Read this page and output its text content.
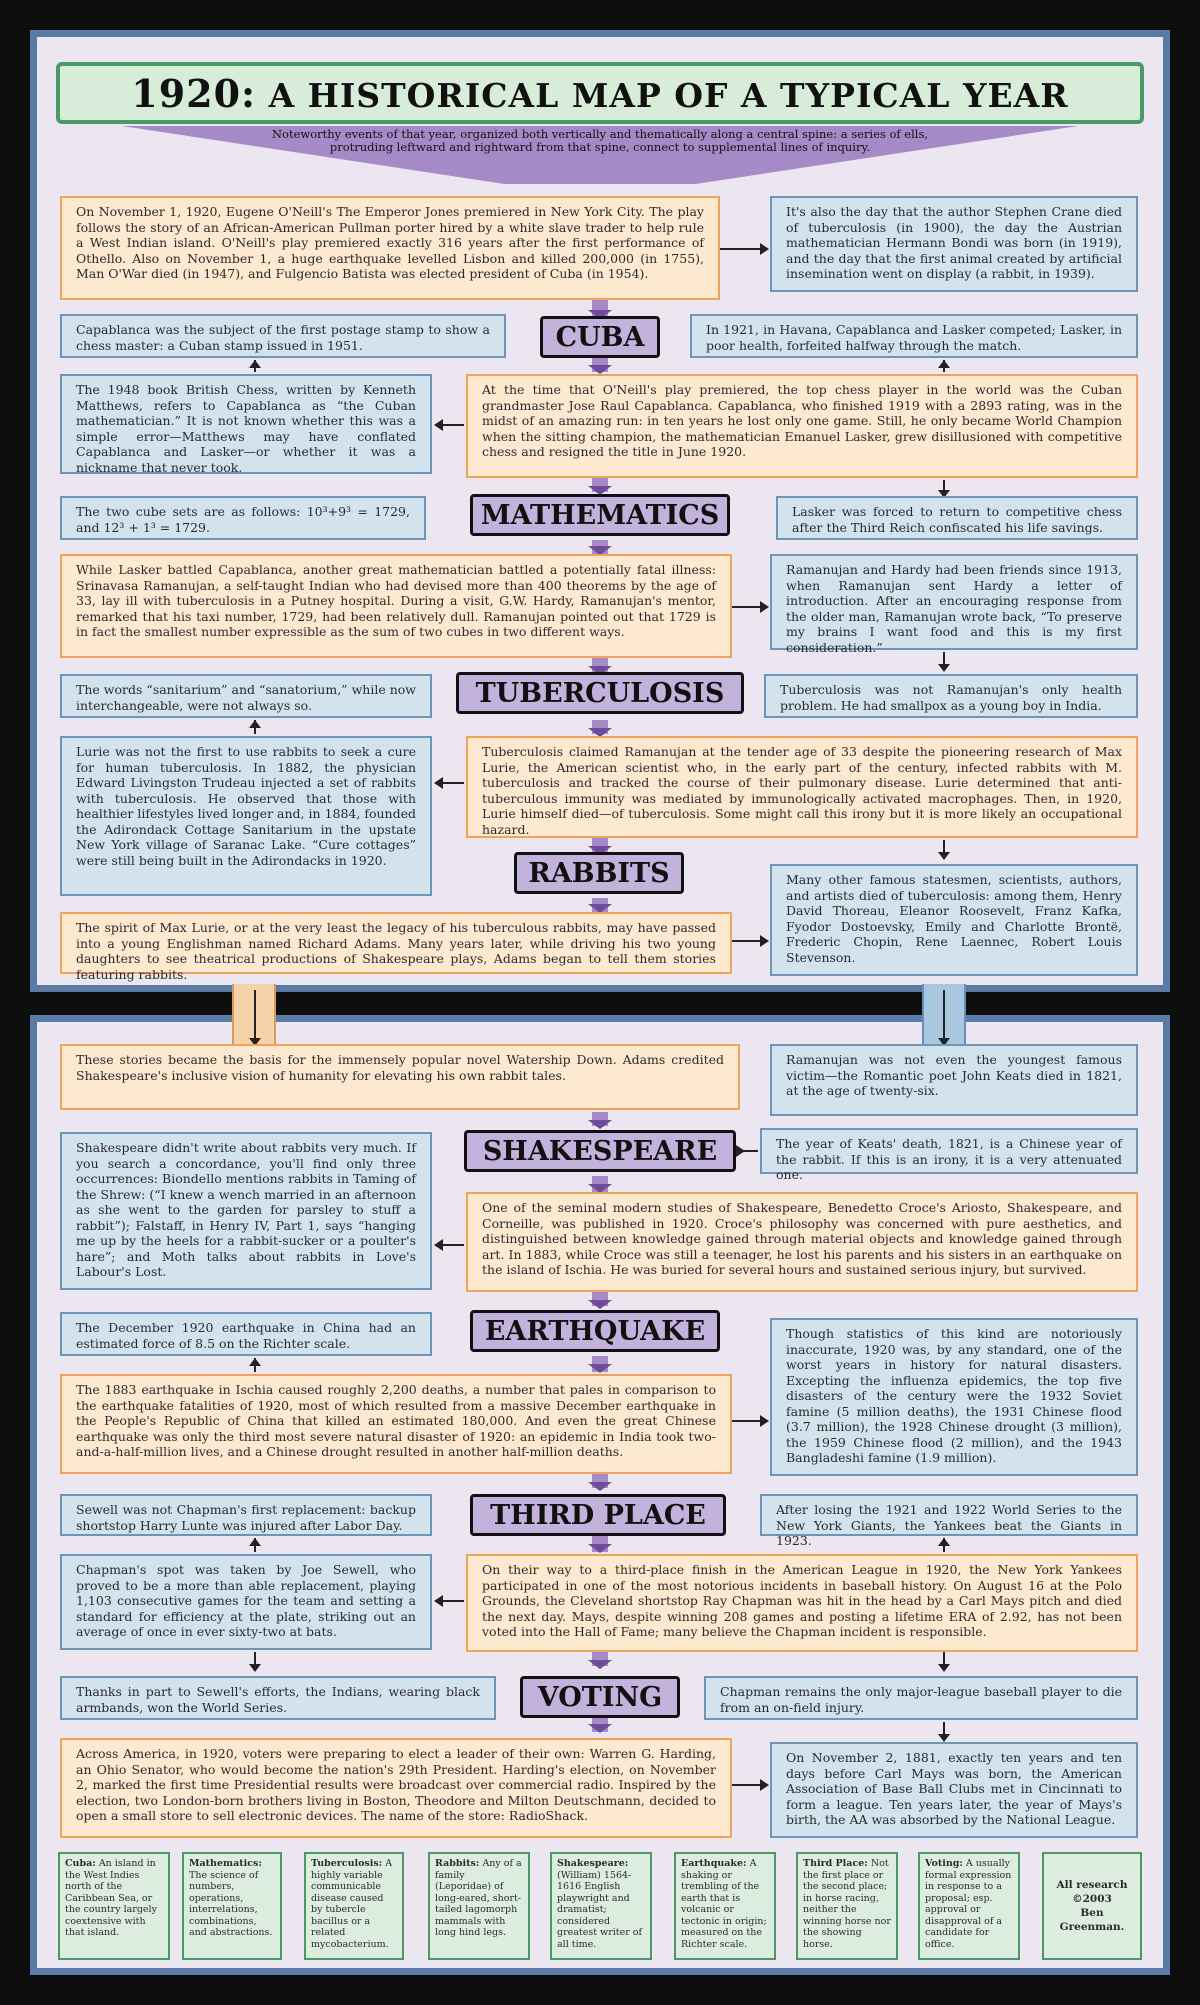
1920: A HISTORICAL MAP OF A TYPICAL YEAR
Noteworthy events of that year, organized both vertically and thematically along a central spine: a series of ells, protruding leftward and rightward from that spine, connect to supplemental lines of inquiry.
On November 1, 1920, Eugene O'Neill's The Emperor Jones premiered in New York City. The play follows the story of an African-American Pullman porter hired by a white slave trader to help rule a West Indian island. O'Neill's play premiered exactly 316 years after the first performance of Othello. Also on November 1, a huge earthquake levelled Lisbon and killed 200,000 (in 1755), Man O'War died (in 1947), and Fulgencio Batista was elected president of Cuba (in 1954).
It's also the day that the author Stephen Crane died of tuberculosis (in 1900), the day the Austrian mathematician Hermann Bondi was born (in 1919), and the day that the first animal created by artificial insemination went on display (a rabbit, in 1939).
Capablanca was the subject of the first postage stamp to show a chess master: a Cuban stamp issued in 1951.	CUBA	In 1921, in Havana, Capablanca and Lasker competed; Lasker, in poor health, forfeited halfway through the match.
The 1948 book British Chess, written by Kenneth Matthews, refers to Capablanca as “the Cuban mathematician.” It is not known whether this was a simple error—Matthews may have conflated Capablanca and Lasker—or whether it was a nickname that never took.
At the time that O'Neill's play premiered, the top chess player in the world was the Cuban grandmaster Jose Raul Capablanca. Capablanca, who finished 1919 with a 2893 rating, was in the midst of an amazing run: in ten years he lost only one game. Still, he only became World Champion when the sitting champion, the mathematician Emanuel Lasker, grew disillusioned with competitive chess and resigned the title in June 1920.
The two cube sets are as follows: 10³+9³ = 1729, and 12³ + 1³ = 1729.	MATHEMATICS	Lasker was forced to return to competitive chess after the Third Reich confiscated his life savings.
While Lasker battled Capablanca, another great mathematician battled a potentially fatal illness: Srinavasa Ramanujan, a self-taught Indian who had devised more than 400 theorems by the age of 33, lay ill with tuberculosis in a Putney hospital. During a visit, G.W. Hardy, Ramanujan's mentor, remarked that his taxi number, 1729, had been relatively dull. Ramanujan pointed out that 1729 is in fact the smallest number expressible as the sum of two cubes in two different ways.
Ramanujan and Hardy had been friends since 1913, when Ramanujan sent Hardy a letter of introduction. After an encouraging response from the older man, Ramanujan wrote back, “To preserve my brains I want food and this is my first consideration.”
The words “sanitarium” and “sanatorium,” while now interchangeable, were not always so.	TUBERCULOSIS	Tuberculosis was not Ramanujan's only health problem. He had smallpox as a young boy in India.
Lurie was not the first to use rabbits to seek a cure for human tuberculosis. In 1882, the physician Edward Livingston Trudeau injected a set of rabbits with tuberculosis. He observed that those with healthier lifestyles lived longer and, in 1884, founded the Adirondack Cottage Sanitarium in the upstate New York village of Saranac Lake. “Cure cottages” were still being built in the Adirondacks in 1920.
Tuberculosis claimed Ramanujan at the tender age of 33 despite the pioneering research of Max Lurie, the American scientist who, in the early part of the century, infected rabbits with M. tuberculosis and tracked the course of their pulmonary disease. Lurie determined that anti-tuberculous immunity was mediated by immunologically activated macrophages. Then, in 1920, Lurie himself died—of tuberculosis. Some might call this irony but it is more likely an occupational hazard.
RABBITS	Many other famous statesmen, scientists, authors, and artists died of tuberculosis: among them, Henry David Thoreau, Eleanor Roosevelt, Franz Kafka, Fyodor Dostoevsky, Emily and Charlotte Brontë, Frederic Chopin, Rene Laennec, Robert Louis Stevenson.
The spirit of Max Lurie, or at the very least the legacy of his tuberculous rabbits, may have passed into a young Englishman named Richard Adams. Many years later, while driving his two young daughters to see theatrical productions of Shakespeare plays, Adams began to tell them stories featuring rabbits.
These stories became the basis for the immensely popular novel Watership Down. Adams credited Shakespeare's inclusive vision of humanity for elevating his own rabbit tales.
Ramanujan was not even the youngest famous victim—the Romantic poet John Keats died in 1821, at the age of twenty-six.
SHAKESPEARE	The year of Keats' death, 1821, is a Chinese year of the rabbit. If this is an irony, it is a very attenuated one.
Shakespeare didn't write about rabbits very much. If you search a concordance, you'll find only three occurrences: Biondello mentions rabbits in Taming of the Shrew: (“I knew a wench married in an afternoon as she went to the garden for parsley to stuff a rabbit”); Falstaff, in Henry IV, Part 1, says “hanging me up by the heels for a rabbit-sucker or a poulter's hare”; and Moth talks about rabbits in Love's Labour's Lost.
One of the seminal modern studies of Shakespeare, Benedetto Croce's Ariosto, Shakespeare, and Corneille, was published in 1920. Croce's philosophy was concerned with pure aesthetics, and distinguished between knowledge gained through material objects and knowledge gained through art. In 1883, while Croce was still a teenager, he lost his parents and his sisters in an earthquake on the island of Ischia. He was buried for several hours and sustained serious injury, but survived.
The December 1920 earthquake in China had an estimated force of 8.5 on the Richter scale.	EARTHQUAKE	Though statistics of this kind are notoriously inaccurate, 1920 was, by any standard, one of the worst years in history for natural disasters. Excepting the influenza epidemics, the top five disasters of the century were the 1932 Soviet famine (5 million deaths), the 1931 Chinese flood (3.7 million), the 1928 Chinese drought (3 million), the 1959 Chinese flood (2 million), and the 1943 Bangladeshi famine (1.9 million).
The 1883 earthquake in Ischia caused roughly 2,200 deaths, a number that pales in comparison to the earthquake fatalities of 1920, most of which resulted from a massive December earthquake in the People's Republic of China that killed an estimated 180,000. And even the great Chinese earthquake was only the third most severe natural disaster of 1920: an epidemic in India took two-and-a-half-million lives, and a Chinese drought resulted in another half-million deaths.
Sewell was not Chapman's first replacement: backup shortstop Harry Lunte was injured after Labor Day.	THIRD PLACE	After losing the 1921 and 1922 World Series to the New York Giants, the Yankees beat the Giants in 1923.
Chapman's spot was taken by Joe Sewell, who proved to be a more than able replacement, playing 1,103 consecutive games for the team and setting a standard for efficiency at the plate, striking out an average of once in ever sixty-two at bats.
On their way to a third-place finish in the American League in 1920, the New York Yankees participated in one of the most notorious incidents in baseball history. On August 16 at the Polo Grounds, the Cleveland shortstop Ray Chapman was hit in the head by a Carl Mays pitch and died the next day. Mays, despite winning 208 games and posting a lifetime ERA of 2.92, has not been voted into the Hall of Fame; many believe the Chapman incident is responsible.
Thanks in part to Sewell's efforts, the Indians, wearing black armbands, won the World Series.	VOTING	Chapman remains the only major-league baseball player to die from an on-field injury.
Across America, in 1920, voters were preparing to elect a leader of their own: Warren G. Harding, an Ohio Senator, who would become the nation's 29th President. Harding's election, on November 2, marked the first time Presidential results were broadcast over commercial radio. Inspired by the election, two London-born brothers living in Boston, Theodore and Milton Deutschmann, decided to open a small store to sell electronic devices. The name of the store: RadioShack.
On November 2, 1881, exactly ten years and ten days before Carl Mays was born, the American Association of Base Ball Clubs met in Cincinnati to form a league. Ten years later, the year of Mays's birth, the AA was absorbed by the National League.
Cuba: An island in the West Indies north of the Caribbean Sea, or the country largely coextensive with that island.
Mathematics: The science of numbers, operations, interrelations, combinations, and abstractions.
Tuberculosis: A highly variable communicable disease caused by tubercle bacillus or a related mycobacterium.
Rabbits: Any of a family (Leporidae) of long-eared, short-tailed lagomorph mammals with long hind legs.
Shakespeare: (William) 1564-1616 English playwright and dramatist; considered greatest writer of all time.
Earthquake: A shaking or trembling of the earth that is volcanic or tectonic in origin; measured on the Richter scale.
Third Place: Not the first place or the second place; in horse racing, neither the winning horse nor the showing horse.
Voting: A usually formal expression in response to a proposal; esp. approval or disapproval of a candidate for office.
All research
©2003
Ben Greenman.
